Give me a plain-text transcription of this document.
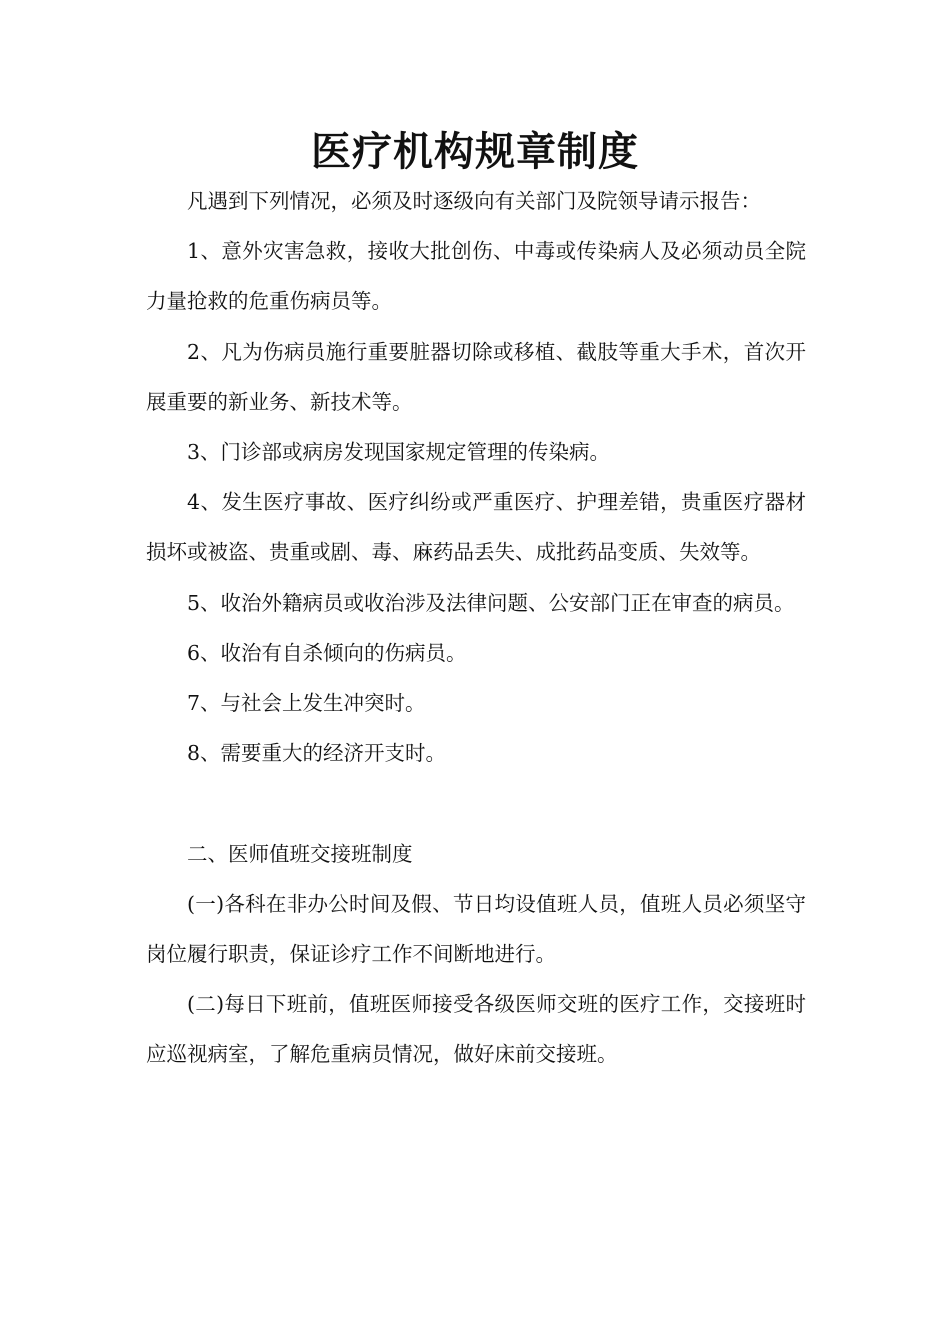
医疗机构规章制度

凡遇到下列情况，必须及时逐级向有关部门及院领导请示报告：

1、意外灾害急救，接收大批创伤、中毒或传染病人及必须动员全院力量抢救的危重伤病员等。

2、凡为伤病员施行重要脏器切除或移植、截肢等重大手术，首次开展重要的新业务、新技术等。

3、门诊部或病房发现国家规定管理的传染病。

4、发生医疗事故、医疗纠纷或严重医疗、护理差错，贵重医疗器材损坏或被盗、贵重或剧、毒、麻药品丢失、成批药品变质、失效等。

5、收治外籍病员或收治涉及法律问题、公安部门正在审查的病员。

6、收治有自杀倾向的伤病员。

7、与社会上发生冲突时。

8、需要重大的经济开支时。

二、医师值班交接班制度

(一)各科在非办公时间及假、节日均设值班人员，值班人员必须坚守岗位履行职责，保证诊疗工作不间断地进行。

(二)每日下班前，值班医师接受各级医师交班的医疗工作，交接班时应巡视病室，了解危重病员情况，做好床前交接班。
